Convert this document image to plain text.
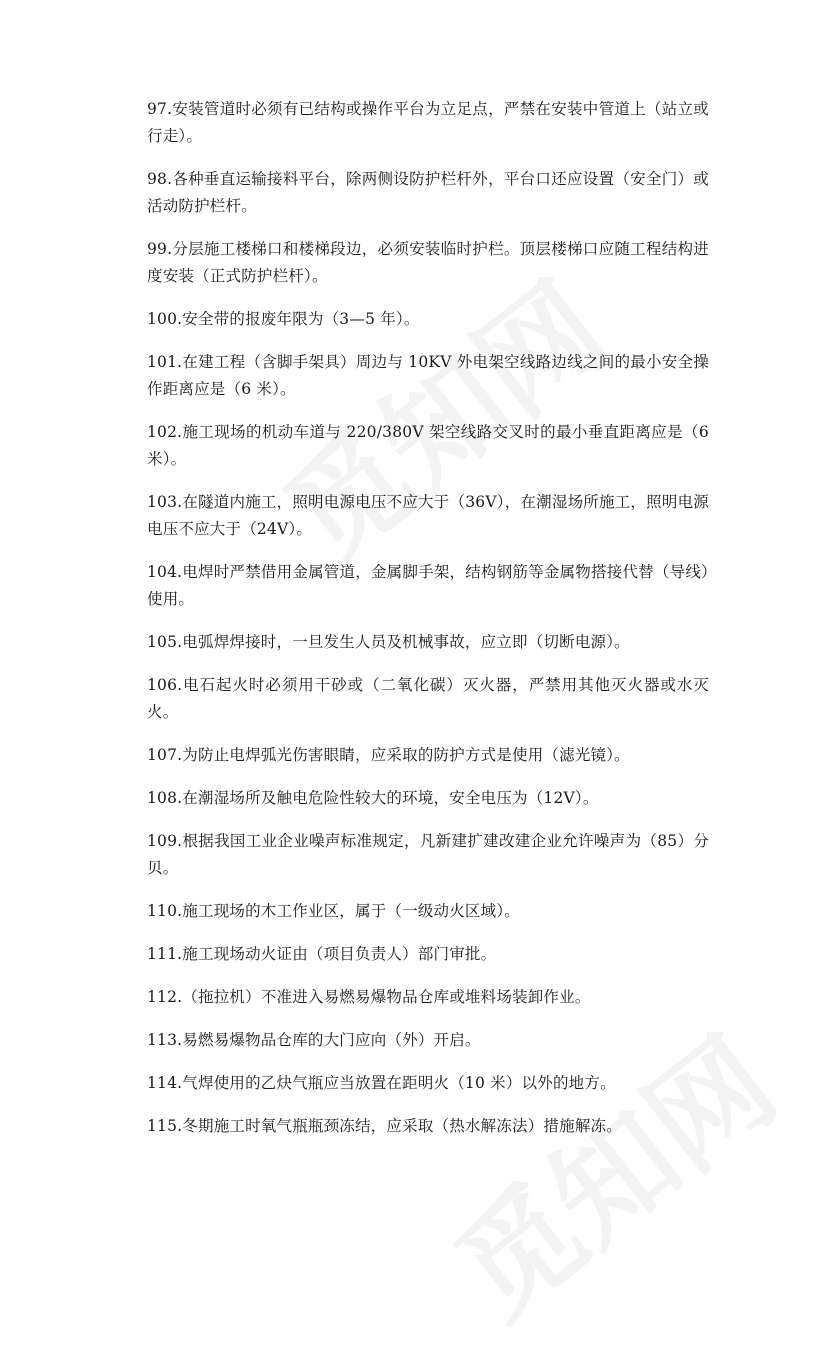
97.安装管道时必须有已结构或操作平台为立足点，严禁在安装中管道上（站立或行走）。

98.各种垂直运输接料平台，除两侧设防护栏杆外，平台口还应设置（安全门）或活动防护栏杆。

99.分层施工楼梯口和楼梯段边，必须安装临时护栏。顶层楼梯口应随工程结构进度安装（正式防护栏杆）。

100.安全带的报废年限为（3—5 年）。

101.在建工程（含脚手架具）周边与 10KV 外电架空线路边线之间的最小安全操作距离应是（6 米）。

102.施工现场的机动车道与 220/380V 架空线路交叉时的最小垂直距离应是（6 米）。

103.在隧道内施工，照明电源电压不应大于（36V），在潮湿场所施工，照明电源电压不应大于（24V）。

104.电焊时严禁借用金属管道，金属脚手架，结构钢筋等金属物搭接代替（导线）使用。

105.电弧焊焊接时，一旦发生人员及机械事故，应立即（切断电源）。

106.电石起火时必须用干砂或（二氧化碳）灭火器，严禁用其他灭火器或水灭火。

107.为防止电焊弧光伤害眼睛，应采取的防护方式是使用（滤光镜）。

108.在潮湿场所及触电危险性较大的环境，安全电压为（12V）。

109.根据我国工业企业噪声标准规定，凡新建扩建改建企业允许噪声为（85）分贝。

110.施工现场的木工作业区，属于（一级动火区域）。

111.施工现场动火证由（项目负责人）部门审批。

112.（拖拉机）不准进入易燃易爆物品仓库或堆料场装卸作业。

113.易燃易爆物品仓库的大门应向（外）开启。

114.气焊使用的乙炔气瓶应当放置在距明火（10 米）以外的地方。

115.冬期施工时氧气瓶瓶颈冻结，应采取（热水解冻法）措施解冻。
